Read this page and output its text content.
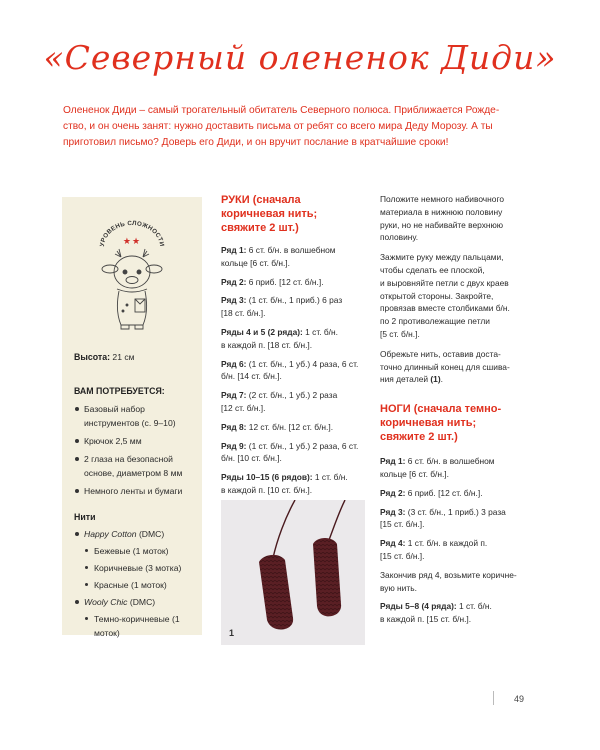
«Северный олененок Диди»
Олененок Диди – самый трогательный обитатель Северного полюса. Приближается Рожде-
ство, и он очень занят: нужно доставить письма от ребят со всего мира Деду Морозу. А ты
приготовил письмо? Доверь его Диди, и он вручит послание в кратчайшие сроки!
УРОВЕНЬ СЛОЖНОСТИ
★★
Высота: 21 см
ВАМ ПОТРЕБУЕТСЯ:
Базовый набор
инструментов (с. 9–10)
Крючок 2,5 мм
2 глаза на безопасной
основе, диаметром 8 мм
Немного ленты и бумаги
Нити
Happy Cotton (DMC)
Бежевые (1 моток)
Коричневые (3 мотка)
Красные (1 моток)
Wooly Chic (DMC)
Темно-коричневые (1 моток)
РУКИ (сначала
коричневая нить;
свяжите 2 шт.)
Ряд 1: 6 ст. б/н. в волшебном
кольце [6 ст. б/н.].
Ряд 2: 6 приб. [12 ст. б/н.].
Ряд 3: (1 ст. б/н., 1 приб.) 6 раз
[18 ст. б/н.].
Ряды 4 и 5 (2 ряда): 1 ст. б/н.
в каждой п. [18 ст. б/н.].
Ряд 6: (1 ст. б/н., 1 уб.) 4 раза, 6 ст.
б/н. [14 ст. б/н.].
Ряд 7: (2 ст. б/н., 1 уб.) 2 раза
[12 ст. б/н.].
Ряд 8: 12 ст. б/н. [12 ст. б/н.].
Ряд 9: (1 ст. б/н., 1 уб.) 2 раза, 6 ст.
б/н. [10 ст. б/н.].
Ряды 10–15 (6 рядов): 1 ст. б/н.
в каждой п. [10 ст. б/н.].
1
Положите немного набивочного
материала в нижнюю половину
руки, но не набивайте верхнюю
половину.
Зажмите руку между пальцами,
чтобы сделать ее плоской,
и выровняйте петли с двух краев
открытой стороны. Закройте,
провязав вместе столбиками б/н.
по 2 противолежащие петли
[5 ст. б/н.].
Обрежьте нить, оставив доста-
точно длинный конец для сшива-
ния деталей (1).
НОГИ (сначала темно-
коричневая нить;
свяжите 2 шт.)
Ряд 1: 6 ст. б/н. в волшебном
кольце [6 ст. б/н.].
Ряд 2: 6 приб. [12 ст. б/н.].
Ряд 3: (3 ст. б/н., 1 приб.) 3 раза
[15 ст. б/н.].
Ряд 4: 1 ст. б/н. в каждой п.
[15 ст. б/н.].
Закончив ряд 4, возьмите коричне-
вую нить.
Ряды 5–8 (4 ряда): 1 ст. б/н.
в каждой п. [15 ст. б/н.].
49
